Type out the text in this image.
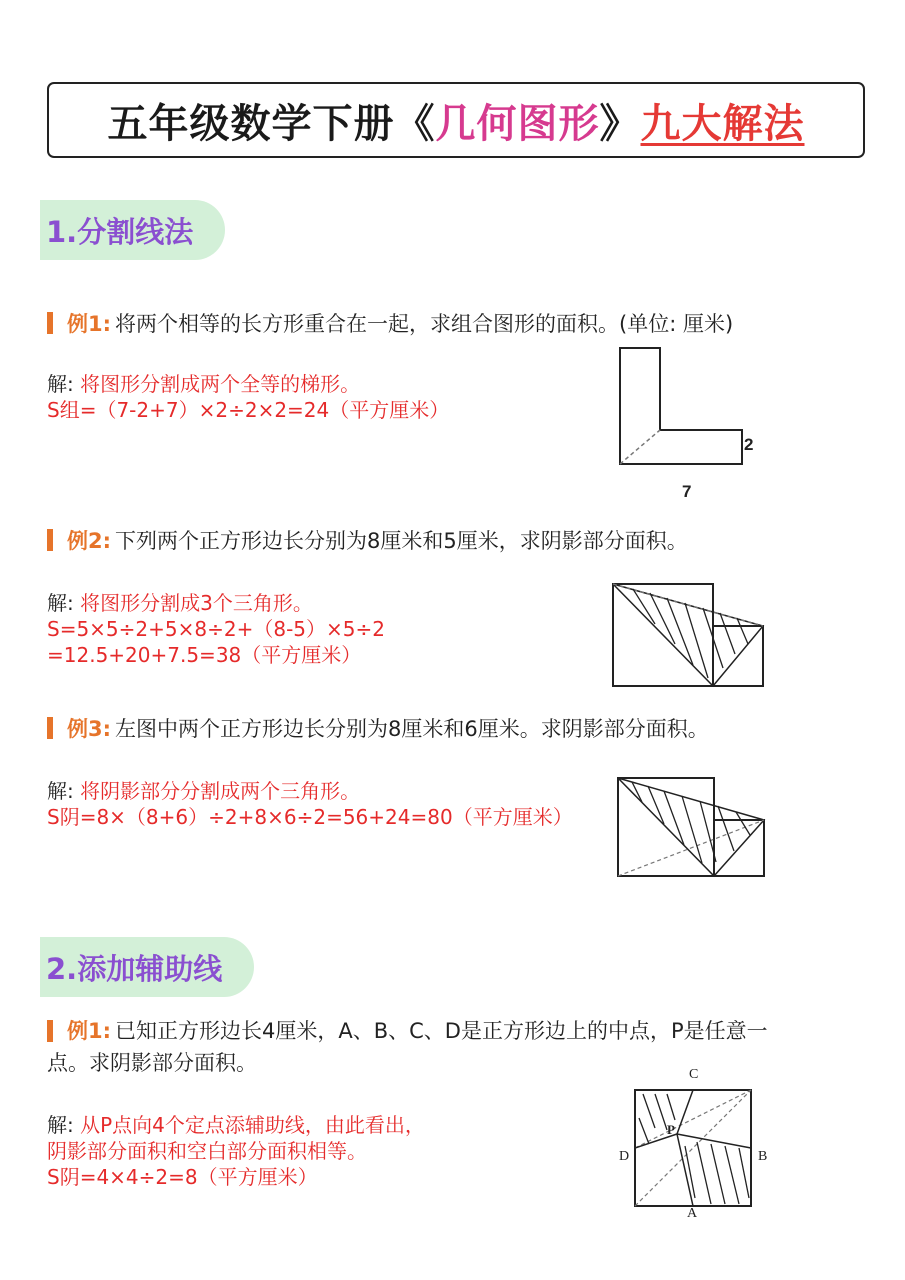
五年级数学下册《 几何图形 》 九大解法
1.分割线法
例1: 将两个相等的长方形重合在一起，求组合图形的面积。(单位: 厘米)
解: 将图形分割成两个全等的梯形。
S组=（7-2+7）×2÷2×2=24（平方厘米）
2
7
例2: 下列两个正方形边长分别为8厘米和5厘米，求阴影部分面积。
解: 将图形分割成3个三角形。
S=5×5÷2+5×8÷2+（8-5）×5÷2
=12.5+20+7.5=38（平方厘米）
例3: 左图中两个正方形边长分别为8厘米和6厘米。求阴影部分面积。
解: 将阴影部分分割成两个三角形。
S阴=8×（8+6）÷2+8×6÷2=56+24=80（平方厘米）
2.添加辅助线
例1: 已知正方形边长4厘米，A、B、C、D是正方形边上的中点，P是任意一
点。求阴影部分面积。
解: 从P点向4个定点添辅助线，由此看出，
阴影部分面积和空白部分面积相等。
S阴=4×4÷2=8（平方厘米）
C
B
D
A
P
